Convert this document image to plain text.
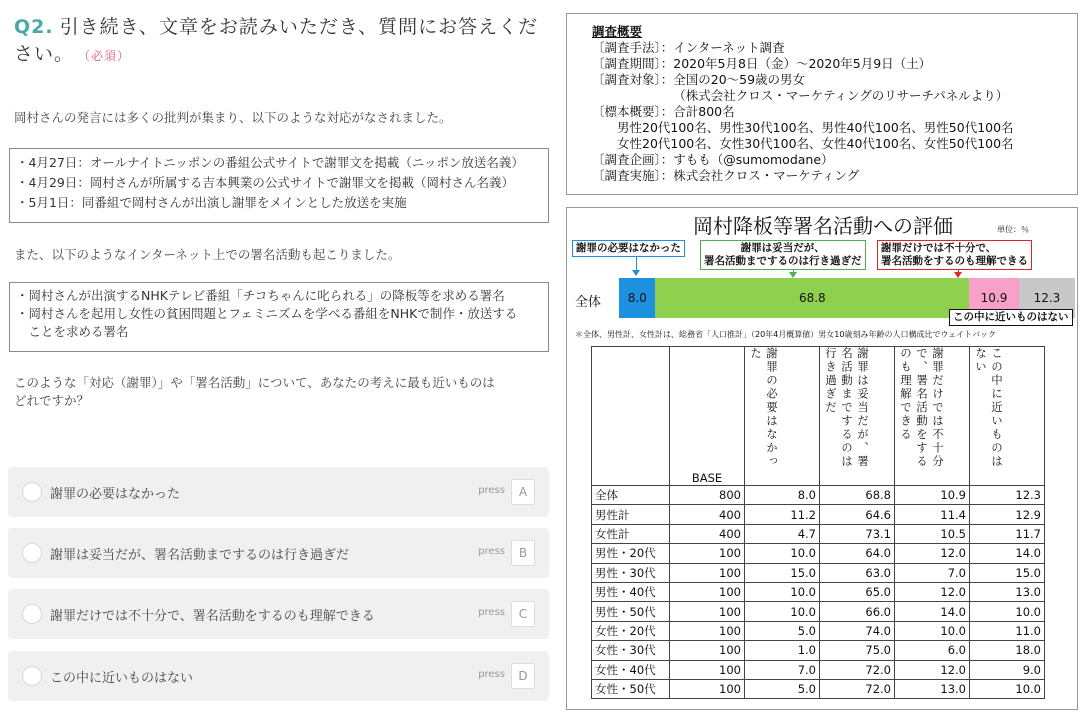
Q2. 引き続き、文章をお読みいただき、質問にお答えください。 （必須）
岡村さんの発言には多くの批判が集まり、以下のような対応がなされました。
・4月27日：オールナイトニッポンの番組公式サイトで謝罪文を掲載（ニッポン放送名義）
・4月29日：岡村さんが所属する吉本興業の公式サイトで謝罪文を掲載（岡村さん名義）
・5月1日：同番組で岡村さんが出演し謝罪をメインとした放送を実施
また、以下のようなインターネット上での署名活動も起こりました。
・岡村さんが出演するNHKテレビ番組「チコちゃんに叱られる」の降板等を求める署名
・岡村さんを起用し女性の貧困問題とフェミニズムを学べる番組をNHKで制作・放送する
　ことを求める署名
このような「対応（謝罪）」や「署名活動」について、あなたの考えに最も近いものは
どれですか？
謝罪の必要はなかった	press	A
謝罪は妥当だが、署名活動までするのは行き過ぎだ	press	B
謝罪だけでは不十分で、署名活動をするのも理解できる	press	C
この中に近いものはない	press	D
調査概要
〔調査手法〕：インターネット調査
〔調査期間〕：2020年5月8日（金）～2020年5月9日（土）
〔調査対象〕：全国の20～59歳の男女
　　　　　　　（株式会社クロス・マーケティングのリサーチパネルより）
〔標本概要〕：合計800名
　　男性20代100名、男性30代100名、男性40代100名、男性50代100名
　　女性20代100名、女性30代100名、女性40代100名、女性50代100名
〔調査企画〕：すもも（@sumomodane）
〔調査実施〕：株式会社クロス・マーケティング
岡村降板等署名活動への評価	単位：％
謝罪の必要はなかった	謝罪は妥当だが、
署名活動までするのは行き過ぎだ
謝罪だけでは不十分で、
署名活動をするのも理解できる
この中に近いものはない
全体 8.0	68.8	10.9 12.3
＊全体、男性計、女性計は、総務省「人口推計」（20年4月概算値）男女10歳刻み年齢の人口構成比でウェイトバック
	BASE	謝罪の必要はなかった	謝罪は妥当だが、署名活動までするのは行き過ぎだ	謝罪だけでは不十分で、署名活動をするのも理解できる	この中に近いものはない

全体	800	8.0	68.8	10.9	12.3
男性計	400	11.2	64.6	11.4	12.9
女性計	400	4.7	73.1	10.5	11.7
男性・20代	100	10.0	64.0	12.0	14.0
男性・30代	100	15.0	63.0	7.0	15.0
男性・40代	100	10.0	65.0	12.0	13.0
男性・50代	100	10.0	66.0	14.0	10.0
女性・20代	100	5.0	74.0	10.0	11.0
女性・30代	100	1.0	75.0	6.0	18.0
女性・40代	100	7.0	72.0	12.0	9.0
女性・50代	100	5.0	72.0	13.0	10.0
